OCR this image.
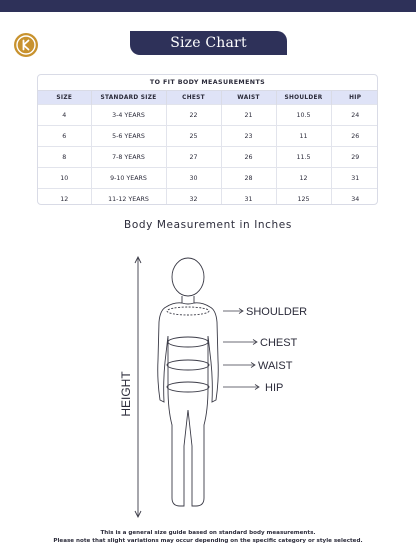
Size Chart
TO FIT BODY MEASUREMENTS
SIZE	STANDARD SIZE	CHEST	WAIST	SHOULDER	HIP
4	3-4 YEARS	22	21	10.5	24
6	5-6 YEARS	25	23	11	26
8	7-8 YEARS	27	26	11.5	29
10	9-10 YEARS	30	28	12	31
12	11-12 YEARS	32	31	125	34
Body Measurement in Inches
HEIGHT
SHOULDER
CHEST
WAIST
HIP
This is a general size guide based on standard body measurements.
Please note that slight variations may occur depending on the specific category or style selected.
